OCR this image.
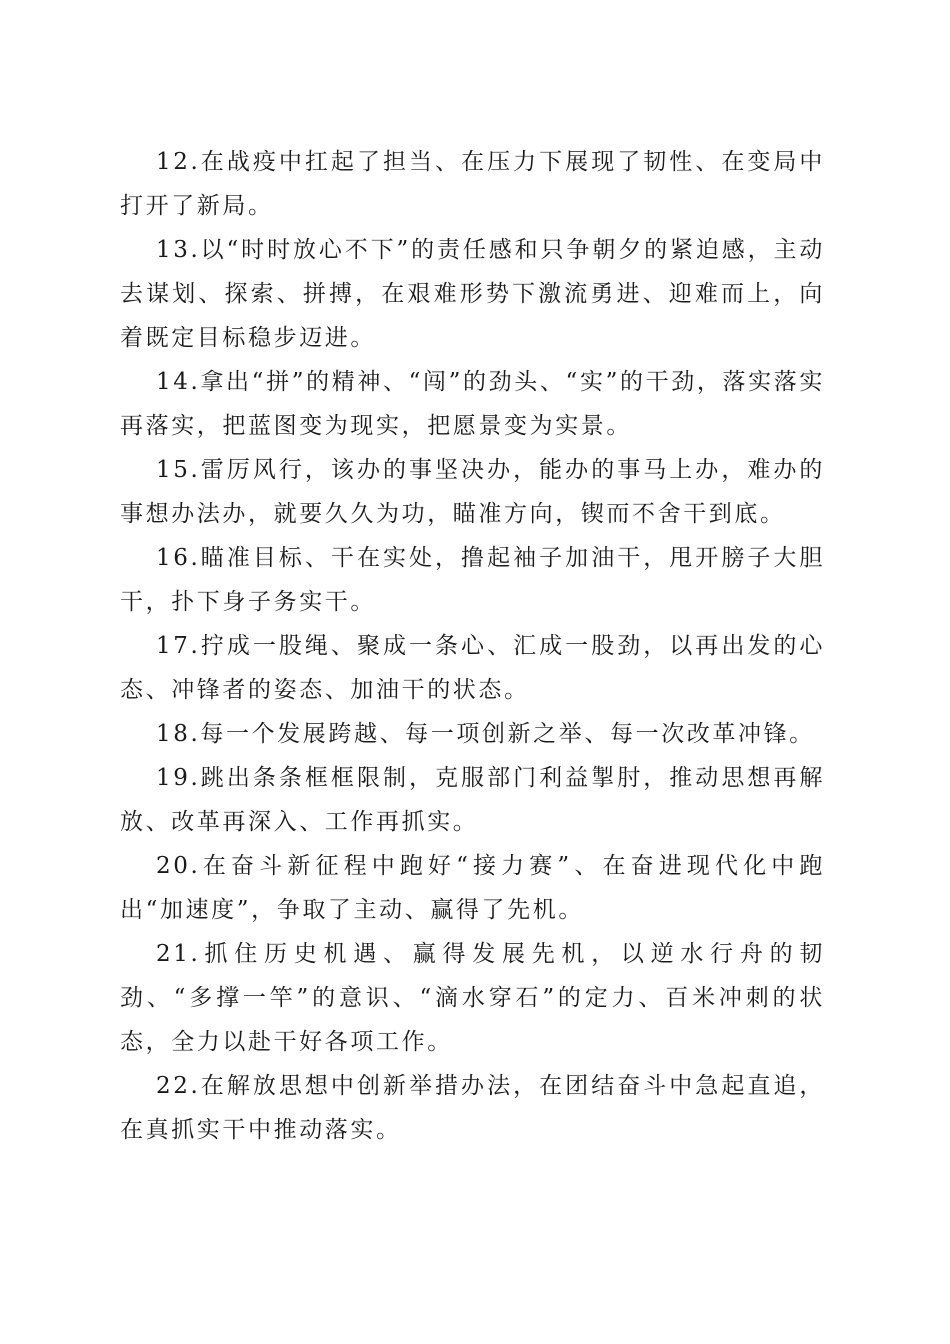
12.在战疫中扛起了担当、在压力下展现了韧性、在变局中打开了新局。

13.以“时时放心不下”的责任感和只争朝夕的紧迫感，主动去谋划、探索、拼搏，在艰难形势下激流勇进、迎难而上，向着既定目标稳步迈进。

14.拿出“拼”的精神、“闯”的劲头、“实”的干劲，落实落实再落实，把蓝图变为现实，把愿景变为实景。

15.雷厉风行，该办的事坚决办，能办的事马上办，难办的事想办法办，就要久久为功，瞄准方向，锲而不舍干到底。

16.瞄准目标、干在实处，撸起袖子加油干，甩开膀子大胆干，扑下身子务实干。

17.拧成一股绳、聚成一条心、汇成一股劲，以再出发的心态、冲锋者的姿态、加油干的状态。

18.每一个发展跨越、每一项创新之举、每一次改革冲锋。

19.跳出条条框框限制，克服部门利益掣肘，推动思想再解放、改革再深入、工作再抓实。

20.在奋斗新征程中跑好“接力赛”、在奋进现代化中跑出“加速度”，争取了主动、赢得了先机。

21.抓住历史机遇、赢得发展先机，以逆水行舟的韧劲、“多撑一竿”的意识、“滴水穿石”的定力、百米冲刺的状态，全力以赴干好各项工作。

22.在解放思想中创新举措办法，在团结奋斗中急起直追，在真抓实干中推动落实。
